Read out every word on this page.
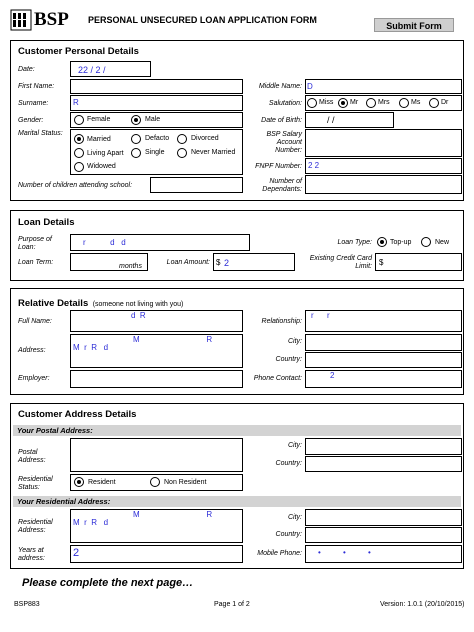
BSP PERSONAL UNSECURED LOAN APPLICATION FORM
Submit Form
Customer Personal Details
Date:	22 / 2 /
First Name:
Surname:	R
Gender:	Female	Male
Marital Status:
Married	Defacto	Divorced
Living Apart	Single	Never Married
Widowed
Number of children attending school:
Middle Name: D
Salutation: Miss Mr	Mrs	Ms	Dr
Date of Birth:	/ /
BSP Salary Account Number:
FNPF Number: 2 2
Number of Dependants:
Loan Details
Purpose of Loan:
r           d   d
Loan Term:
months
Loan Amount: $ 2
Loan Type:	Top-up	New
Existing Credit Card Limit: $
Relative Details (someone not living with you)
Full Name:
d  R
Address:
M                              R
M  r  R   d
Employer:
Relationship:
r      r
City:
Country:
Phone Contact:	2
Customer Address Details
Your Postal Address:
Postal Address:
City:
Country:
Residential Status:
Resident	Non Resident
Your Residential Address:
Residential Address:
M                              R
M  r  R   d
City:
Country:
Years at address:	2	Mobile Phone: •          •          •
Please complete the next page…
BSP883	Page 1 of 2	Version: 1.0.1 (20/10/2015)
